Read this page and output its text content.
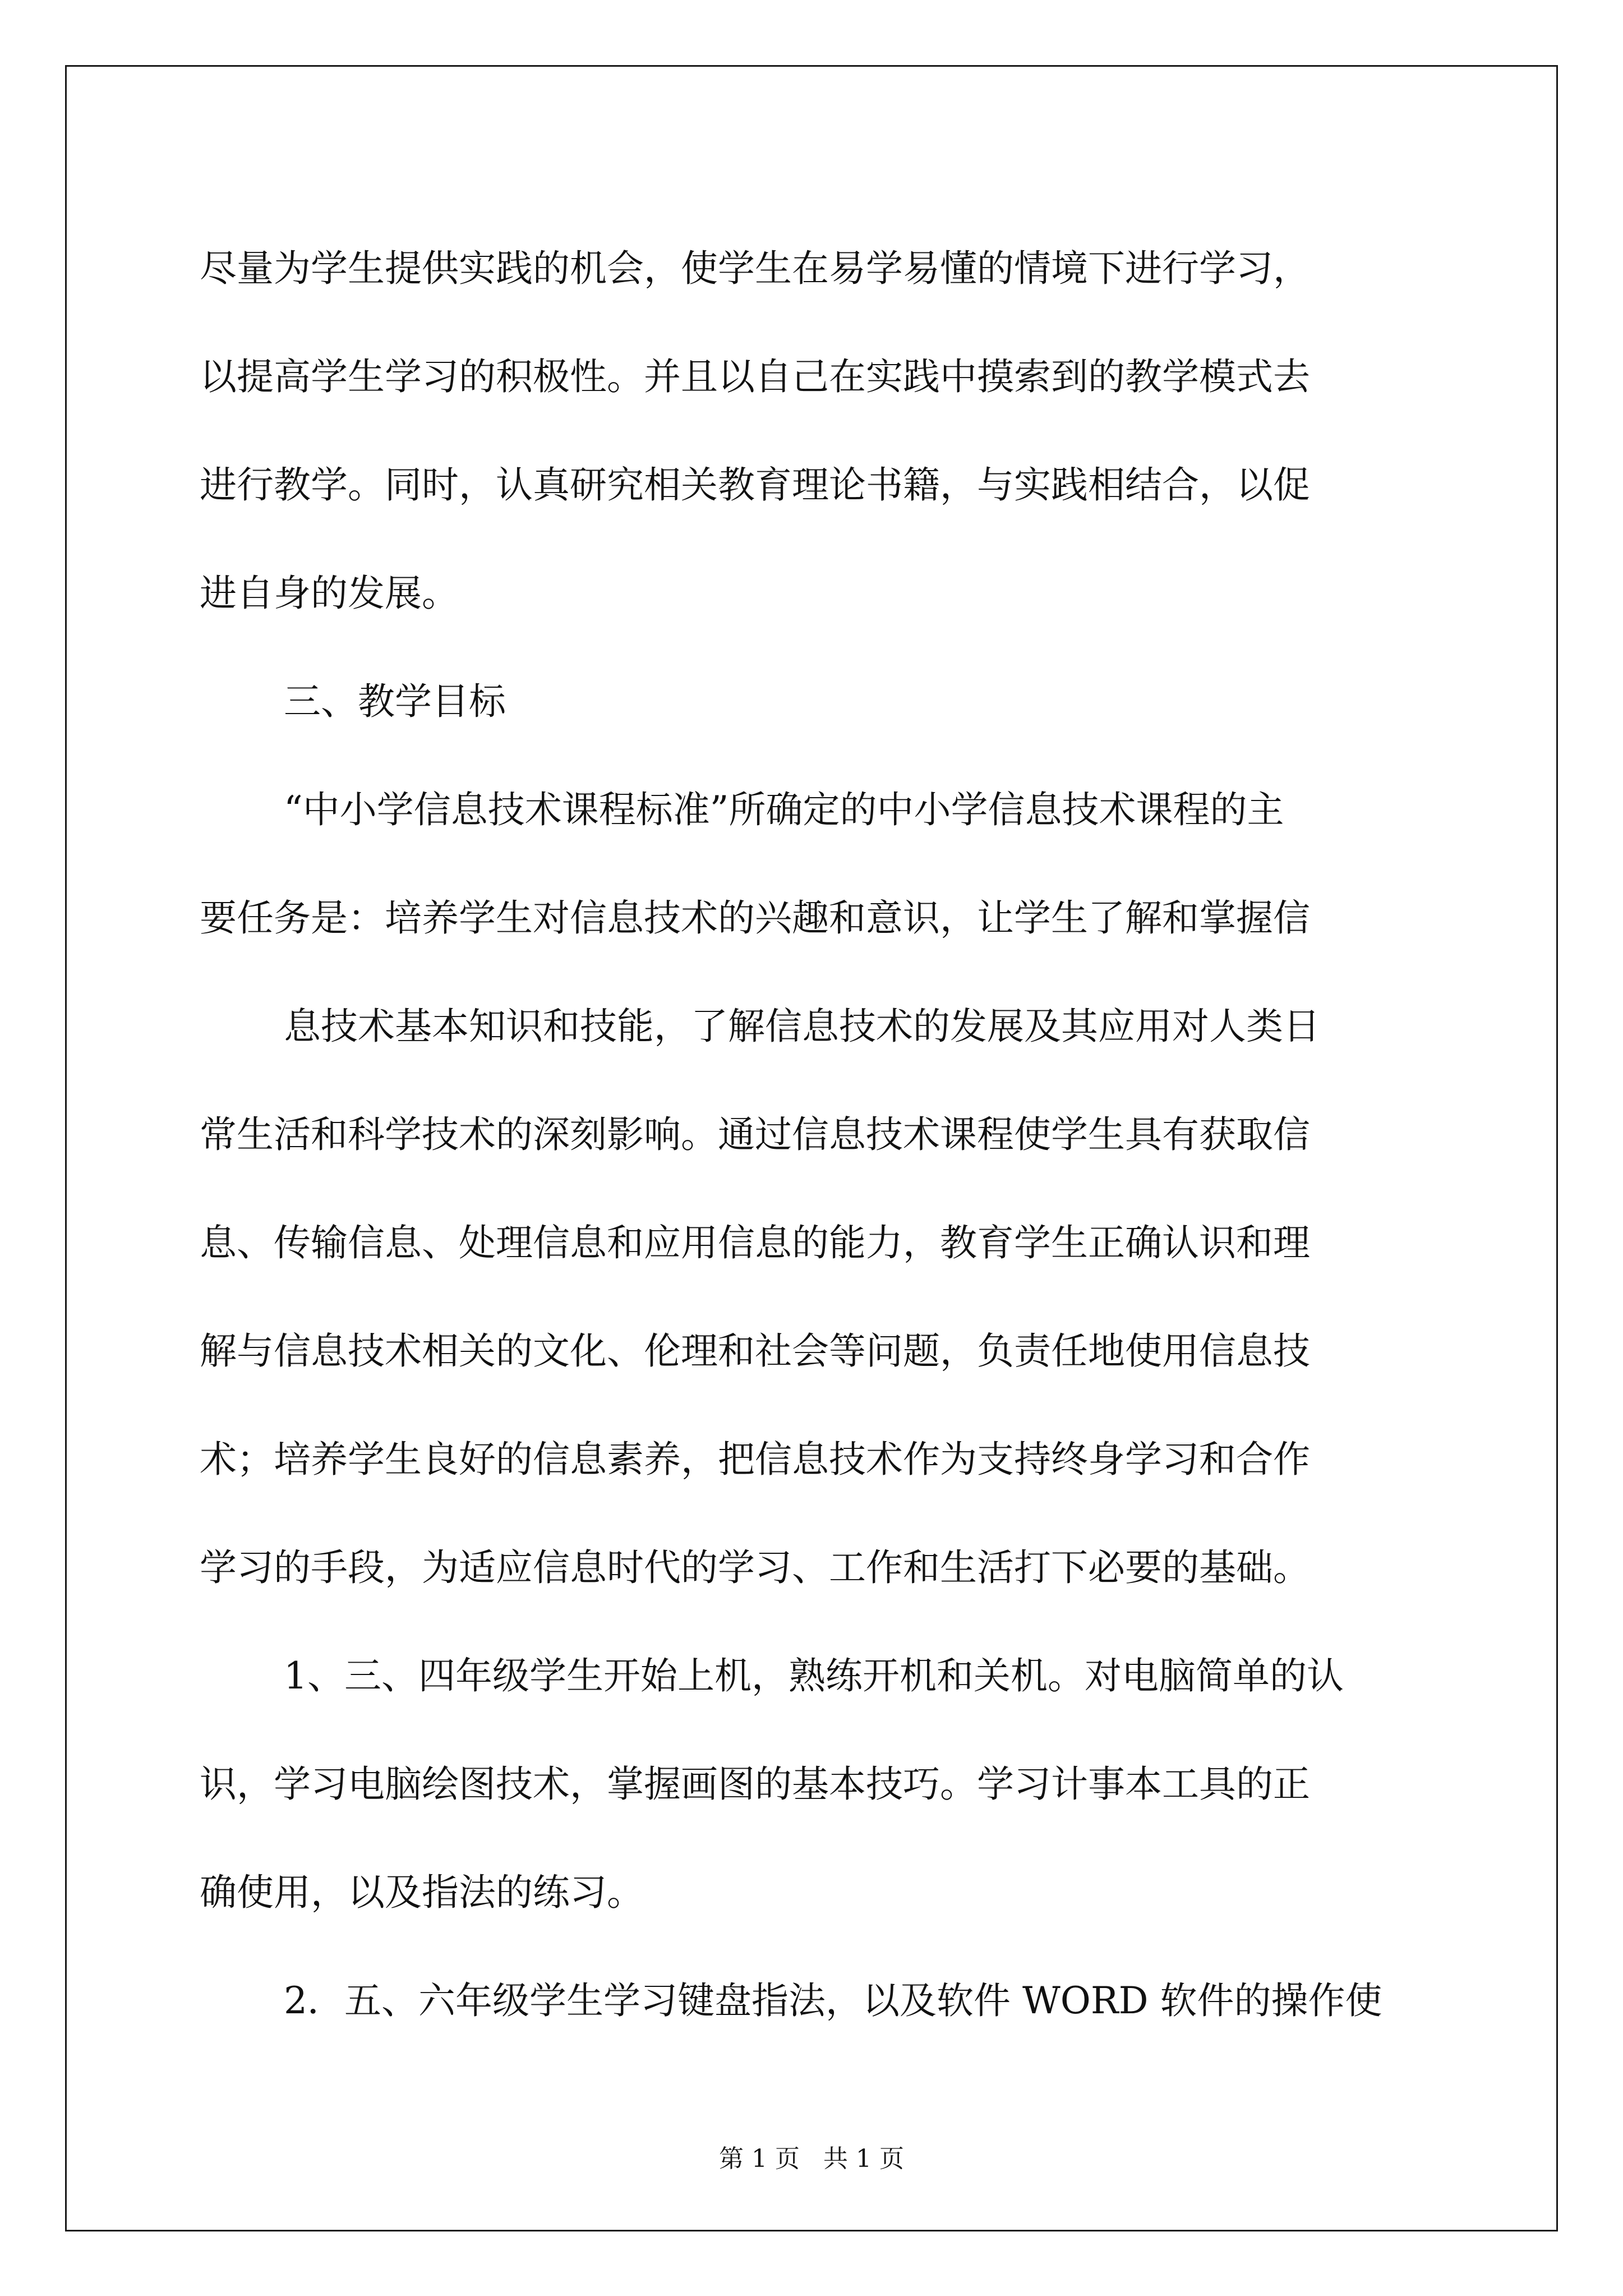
尽量为学生提供实践的机会，使学生在易学易懂的情境下进行学习，
以提高学生学习的积极性。并且以自己在实践中摸索到的教学模式去
进行教学。同时，认真研究相关教育理论书籍，与实践相结合，以促
进自身的发展。
三、教学目标
“中小学信息技术课程标准”所确定的中小学信息技术课程的主
要任务是：培养学生对信息技术的兴趣和意识，让学生了解和掌握信
息技术基本知识和技能，了解信息技术的发展及其应用对人类日
常生活和科学技术的深刻影响。通过信息技术课程使学生具有获取信
息、传输信息、处理信息和应用信息的能力，教育学生正确认识和理
解与信息技术相关的文化、伦理和社会等问题，负责任地使用信息技
术；培养学生良好的信息素养，把信息技术作为支持终身学习和合作
学习的手段，为适应信息时代的学习、工作和生活打下必要的基础。
1、三、四年级学生开始上机，熟练开机和关机。对电脑简单的认
识，学习电脑绘图技术，掌握画图的基本技巧。学习计事本工具的正
确使用，以及指法的练习。
2．五、六年级学生学习键盘指法，以及软件 WORD 软件的操作使
第 1 页   共 1 页
